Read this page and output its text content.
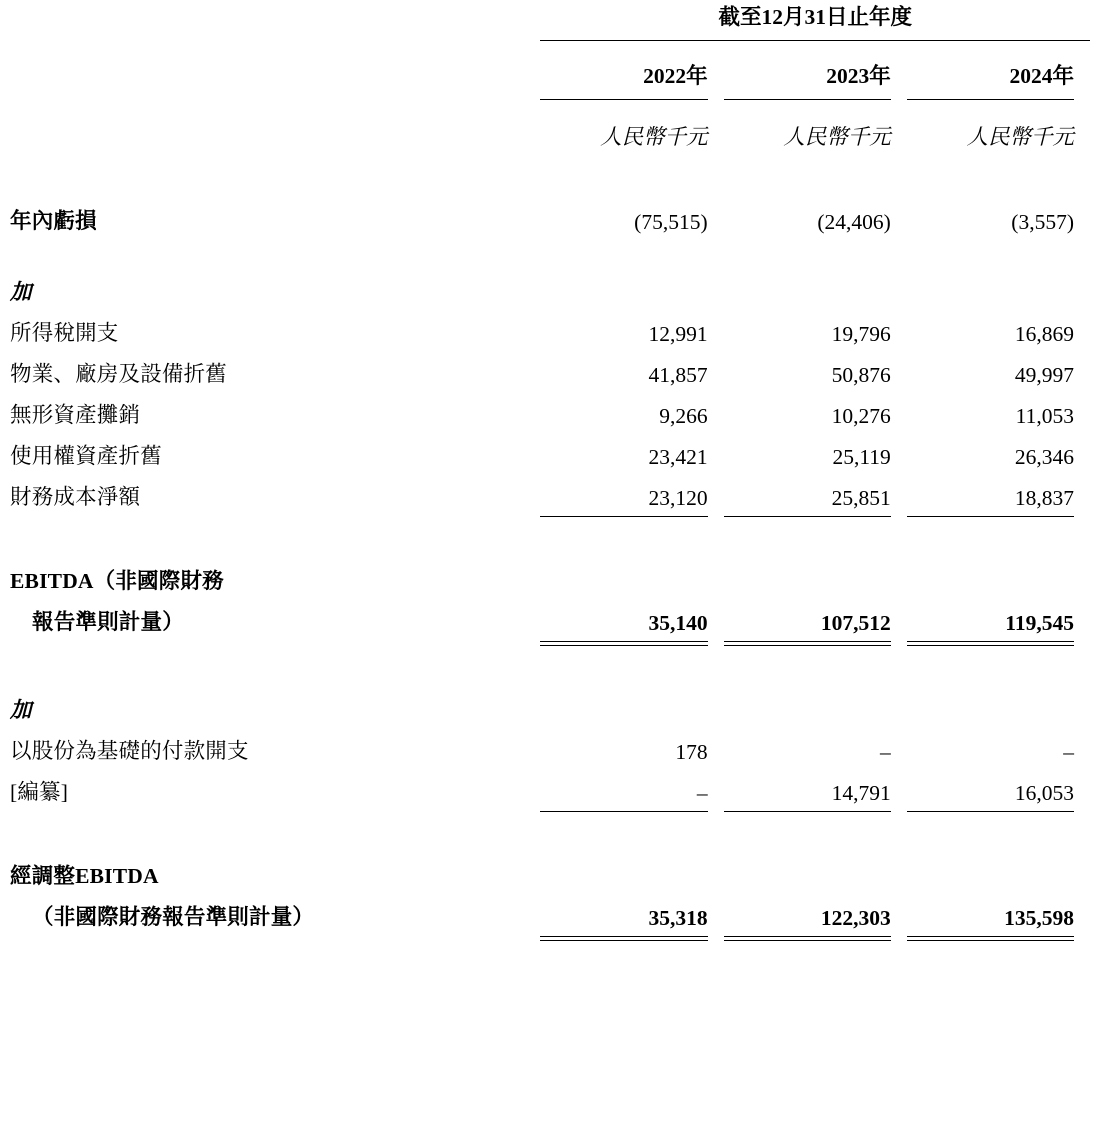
	截至12月31日止年度		

	2022年	2023年	2024年

	人民幣千元	人民幣千元	人民幣千元

年內虧損	(75,515)	(24,406)	(3,557)

加			
所得稅開支	12,991	19,796	16,869
物業、廠房及設備折舊	41,857	50,876	49,997
無形資產攤銷	9,266	10,276	11,053
使用權資產折舊	23,421	25,119	26,346
財務成本淨額	23,120	25,851	18,837

EBITDA（非國際財務			
報告準則計量）	35,140	107,512	119,545

加			
以股份為基礎的付款開支	178	–	–
[編纂]	–	14,791	16,053

經調整EBITDA			
（非國際財務報告準則計量）	35,318	122,303	135,598
